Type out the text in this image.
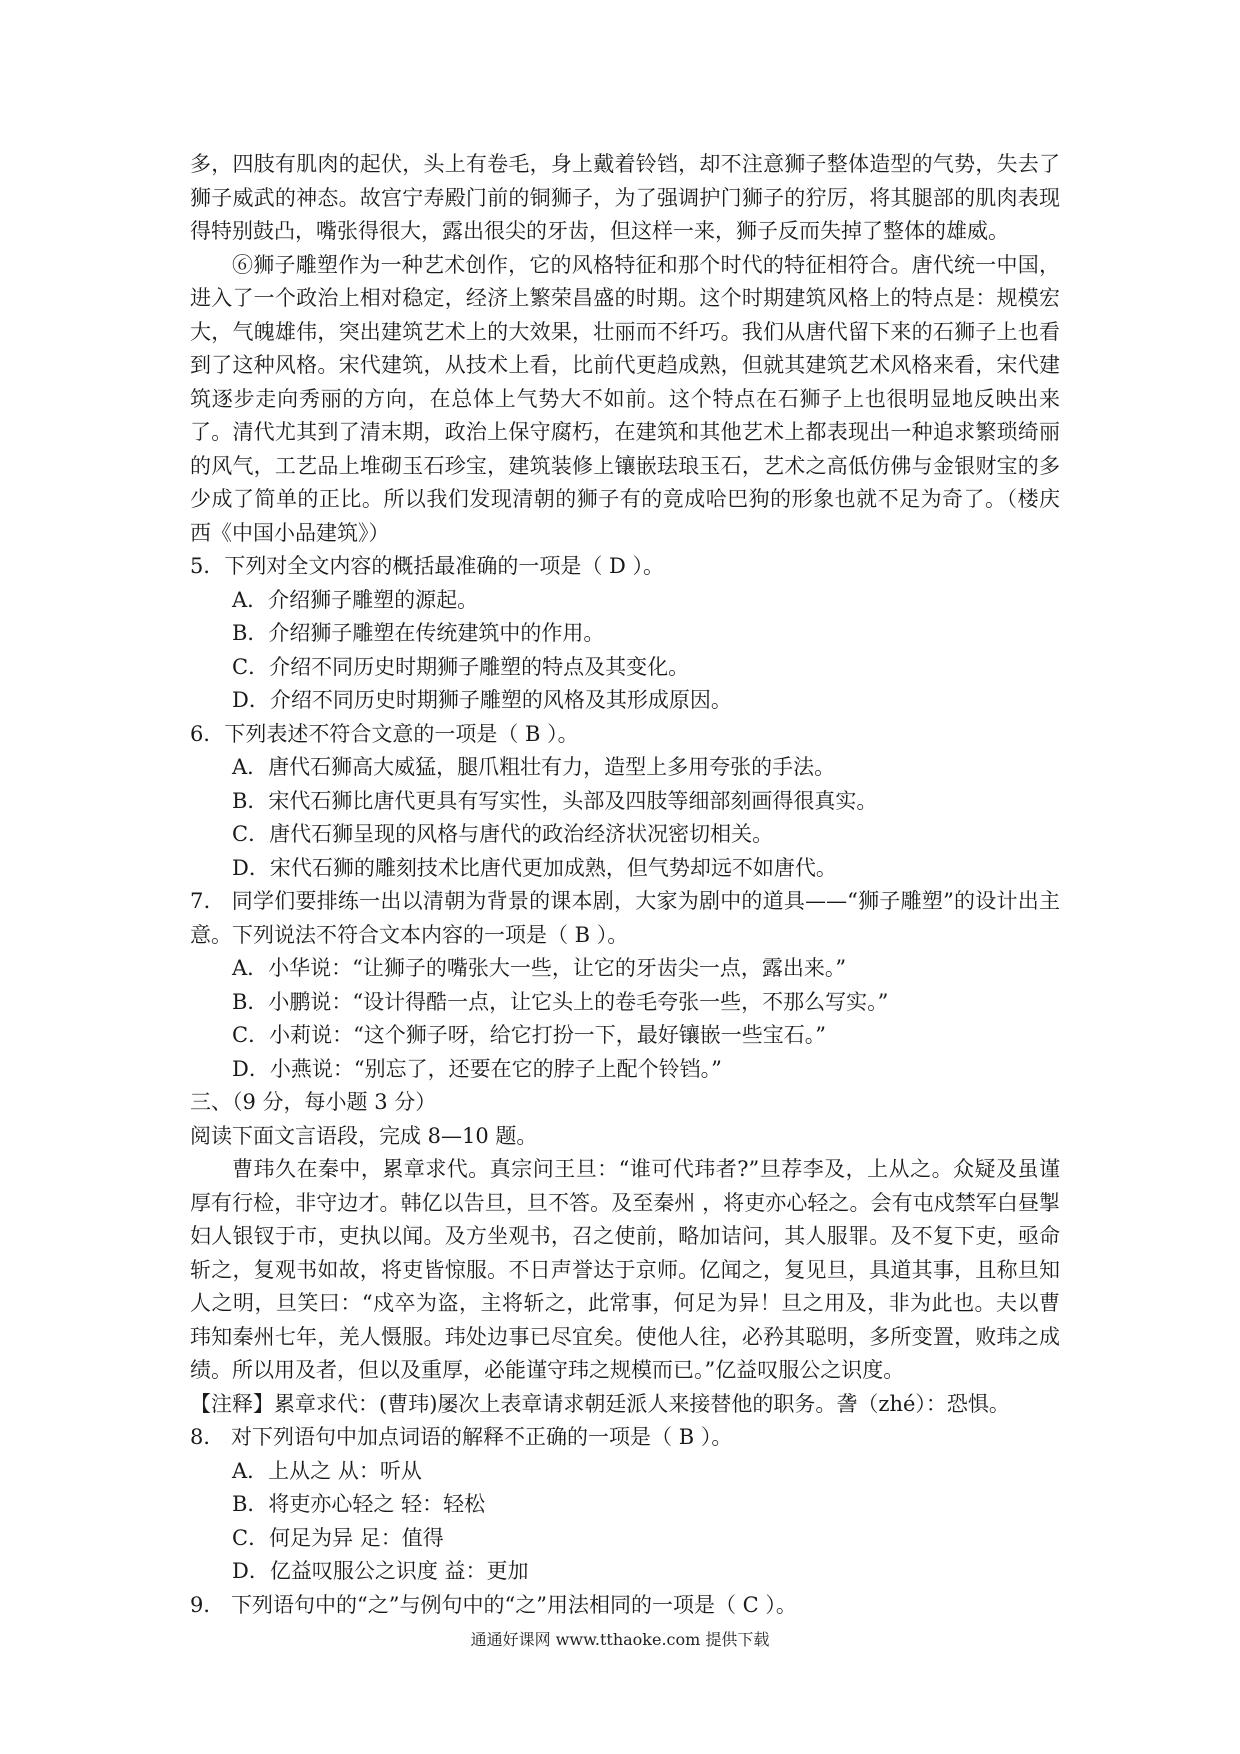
多，四肢有肌肉的起伏，头上有卷毛，身上戴着铃铛，却不注意狮子整体造型的气势，失去了狮子威武的神态。故宫宁寿殿门前的铜狮子，为了强调护门狮子的狞厉，将其腿部的肌肉表现得特别鼓凸，嘴张得很大，露出很尖的牙齿，但这样一来，狮子反而失掉了整体的雄威。

⑥狮子雕塑作为一种艺术创作，它的风格特征和那个时代的特征相符合。唐代统一中国，进入了一个政治上相对稳定，经济上繁荣昌盛的时期。这个时期建筑风格上的特点是：规模宏大，气魄雄伟，突出建筑艺术上的大效果，壮丽而不纤巧。我们从唐代留下来的石狮子上也看到了这种风格。宋代建筑，从技术上看，比前代更趋成熟，但就其建筑艺术风格来看，宋代建筑逐步走向秀丽的方向，在总体上气势大不如前。这个特点在石狮子上也很明显地反映出来了。清代尤其到了清末期，政治上保守腐朽，在建筑和其他艺术上都表现出一种追求繁琐绮丽的风气，工艺品上堆砌玉石珍宝，建筑装修上镶嵌珐琅玉石，艺术之高低仿佛与金银财宝的多少成了简单的正比。所以我们发现清朝的狮子有的竟成哈巴狗的形象也就不足为奇了。（楼庆西《中国小品建筑》）

5．下列对全文内容的概括最准确的一项是（ D ）。

A．介绍狮子雕塑的源起。

B．介绍狮子雕塑在传统建筑中的作用。

C．介绍不同历史时期狮子雕塑的特点及其变化。

D．介绍不同历史时期狮子雕塑的风格及其形成原因。

6．下列表述不符合文意的一项是（ B ）。

A．唐代石狮高大威猛，腿爪粗壮有力，造型上多用夸张的手法。

B．宋代石狮比唐代更具有写实性，头部及四肢等细部刻画得很真实。

C．唐代石狮呈现的风格与唐代的政治经济状况密切相关。

D．宋代石狮的雕刻技术比唐代更加成熟，但气势却远不如唐代。

7． 同学们要排练一出以清朝为背景的课本剧，大家为剧中的道具——“狮子雕塑”的设计出主意。下列说法不符合文本内容的一项是（ B ）。

A．小华说：“让狮子的嘴张大一些，让它的牙齿尖一点，露出来。”

B．小鹏说：“设计得酷一点，让它头上的卷毛夸张一些，不那么写实。”

C．小莉说：“这个狮子呀，给它打扮一下，最好镶嵌一些宝石。”

D．小燕说：“别忘了，还要在它的脖子上配个铃铛。”

三、（9 分，每小题 3 分）

阅读下面文言语段，完成 8—10 题。

曹玮久在秦中，累章求代。真宗问王旦：“谁可代玮者?”旦荐李及，上从之。众疑及虽谨厚有行检，非守边才。韩亿以告旦，旦不答。及至秦州 ，将吏亦心轻之。会有屯戍禁军白昼掣妇人银钗于市，吏执以闻。及方坐观书，召之使前，略加诘问，其人服罪。及不复下吏，亟命斩之，复观书如故，将吏皆惊服。不日声誉达于京师。亿闻之，复见旦，具道其事，且称旦知人之明，旦笑曰：“戍卒为盗，主将斩之，此常事，何足为异！旦之用及，非为此也。夫以曹玮知秦州七年，羌人慑服。玮处边事已尽宜矣。使他人往，必矜其聪明，多所变置，败玮之成绩。所以用及者，但以及重厚，必能谨守玮之规模而已。”亿益叹服公之识度。

【注释】累章求代：(曹玮)屡次上表章请求朝廷派人来接替他的职务。詟（zhé）：恐惧。

8． 对下列语句中加点词语的解释不正确的一项是（ B ）。

A．上从之 从：听从

B．将吏亦心轻之 轻：轻松

C．何足为异 足：值得

D．亿益叹服公之识度 益：更加

9． 下列语句中的“之”与例句中的“之”用法相同的一项是（ C ）。

通通好课网 www.tthaoke.com 提供下载
